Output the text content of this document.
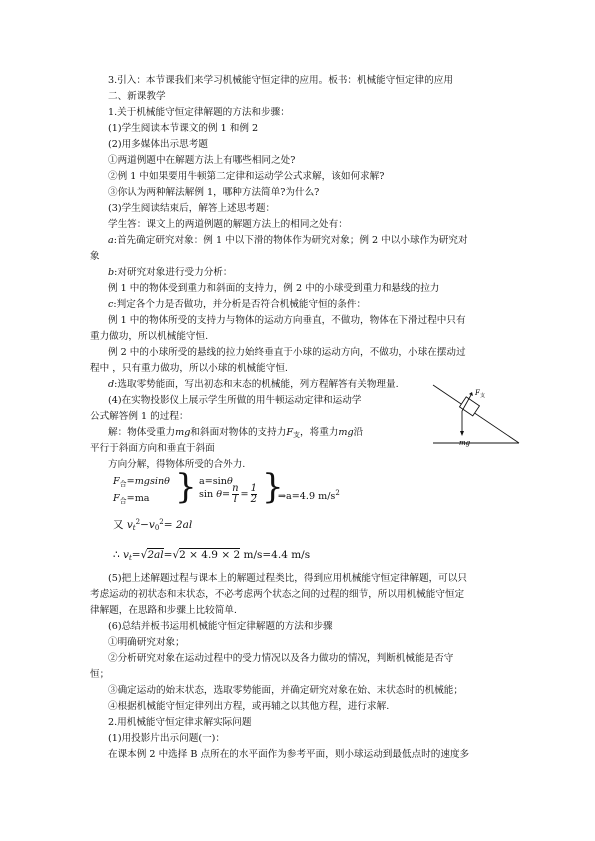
3.引入：本节课我们来学习机械能守恒定律的应用。板书：机械能守恒定律的应用
二、新课教学
1.关于机械能守恒定律解题的方法和步骤：
(1)学生阅读本节课文的例 1 和例 2
(2)用多媒体出示思考题
①两道例题中在解题方法上有哪些相同之处?
②例 1 中如果要用牛顿第二定律和运动学公式求解，该如何求解?
③你认为两种解法解例 1，哪种方法简单?为什么?
(3)学生阅读结束后，解答上述思考题：
学生答：课文上的两道例题的解题方法上的相同之处有：
a:首先确定研究对象：例 1 中以下滑的物体作为研究对象；例 2 中以小球作为研究对
象
b:对研究对象进行受力分析：
例 1 中的物体受到重力和斜面的支持力，例 2 中的小球受到重力和悬线的拉力
c:判定各个力是否做功，并分析是否符合机械能守恒的条件：
例 1 中的物体所受的支持力与物体的运动方向垂直，不做功，物体在下滑过程中只有
重力做功，所以机械能守恒.
例 2 中的小球所受的悬线的拉力始终垂直于小球的运动方向，不做功，小球在摆动过
程中 ，只有重力做功，所以小球的机械能守恒.
d:选取零势能面，写出初态和末态的机械能，列方程解答有关物理量.
(4)在实物投影仪上展示学生所做的用牛顿运动定律和运动学
公式解答例 1 的过程：
解：物体受重力mg和斜面对物体的支持力$F_支$，将重力mg沿
平行于斜面方向和垂直于斜面
方向分解，得物体所受的合外力.
F 支
mg
$F_合=mgsin\theta$	a=sinθ
}
$F_合=ma$	$\sin \theta= \frac{n}{l} = \frac{1}{2}$ }
⇒a=4.9 $m/s^2$
又 $v_t^2-v_0^2= 2al$
∴ $v_t=√2al=√2 \times 4.9 \times 2$ m/s=4.4 m/s
(5)把上述解题过程与课本上的解题过程类比，得到应用机械能守恒定律解题，可以只
考虑运动的初状态和末状态，不必考虑两个状态之间的过程的细节，所以用机械能守恒定
律解题，在思路和步骤上比较简单.
(6)总结并板书运用机械能守恒定律解题的方法和步骤
①明确研究对象；
②分析研究对象在运动过程中的受力情况以及各力做功的情况，判断机械能是否守
恒；
③确定运动的始末状态，选取零势能面，并确定研究对象在始、末状态时的机械能；
④根据机械能守恒定律列出方程，或再辅之以其他方程，进行求解.
2.用机械能守恒定律求解实际问题
(1)用投影片出示问题(一)：
在课本例 2 中选择 B 点所在的水平面作为参考平面，则小球运动到最低点时的速度多
